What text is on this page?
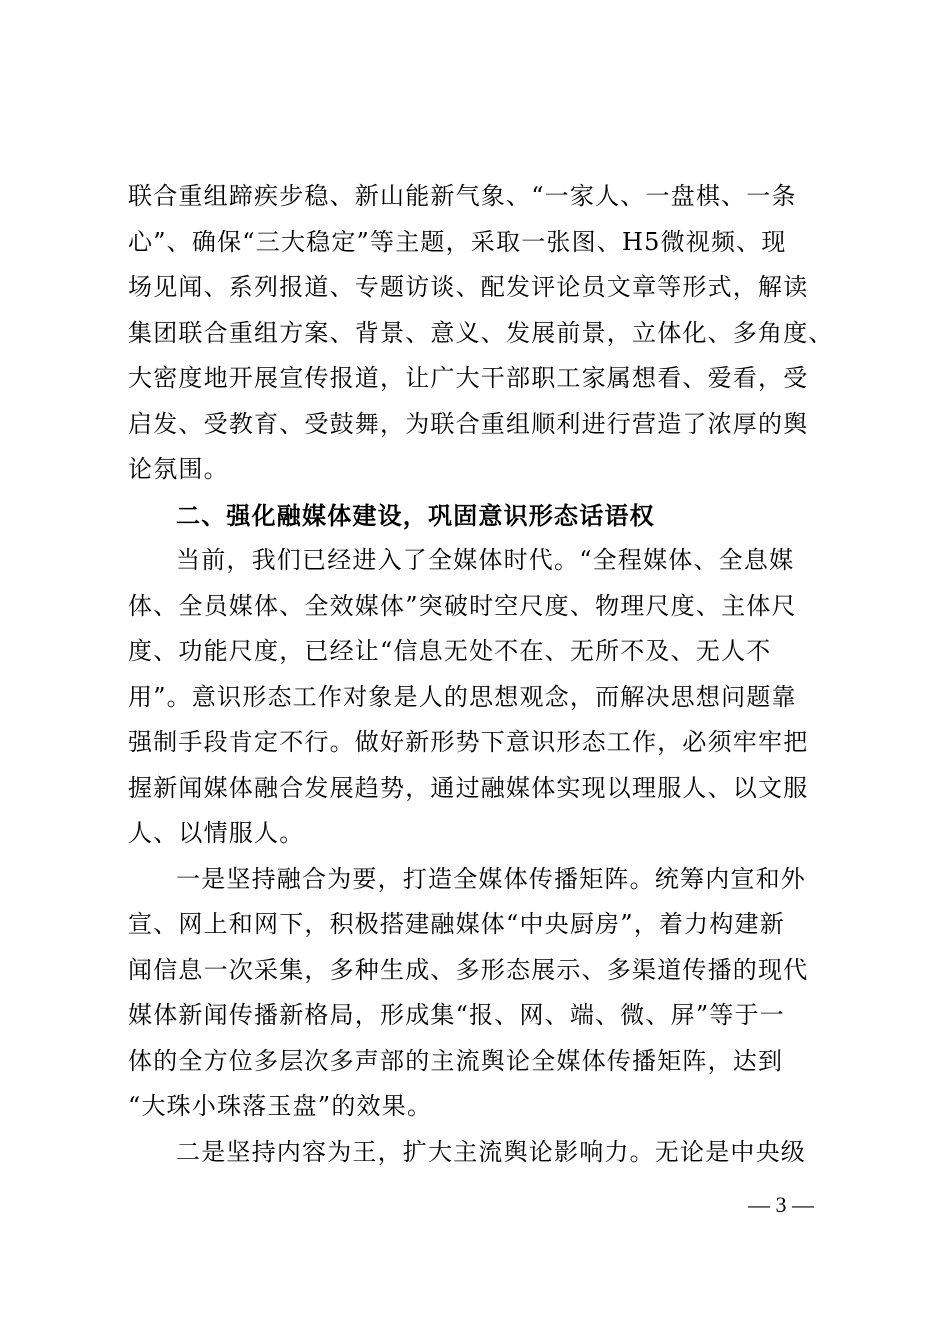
联合重组蹄疾步稳、新山能新气象、“一家人、一盘棋、一条
心”、确保“三大稳定”等主题，采取一张图、H5微视频、现
场见闻、系列报道、专题访谈、配发评论员文章等形式，解读
集团联合重组方案、背景、意义、发展前景，立体化、多角度、
大密度地开展宣传报道，让广大干部职工家属想看、爱看，受
启发、受教育、受鼓舞，为联合重组顺利进行营造了浓厚的舆
论氛围。
二、强化融媒体建设，巩固意识形态话语权
当前，我们已经进入了全媒体时代。“全程媒体、全息媒
体、全员媒体、全效媒体”突破时空尺度、物理尺度、主体尺
度、功能尺度，已经让“信息无处不在、无所不及、无人不
用”。意识形态工作对象是人的思想观念，而解决思想问题靠
强制手段肯定不行。做好新形势下意识形态工作，必须牢牢把
握新闻媒体融合发展趋势，通过融媒体实现以理服人、以文服
人、以情服人。
一是坚持融合为要，打造全媒体传播矩阵。统筹内宣和外
宣、网上和网下，积极搭建融媒体“中央厨房”，着力构建新
闻信息一次采集，多种生成、多形态展示、多渠道传播的现代
媒体新闻传播新格局，形成集“报、网、端、微、屏”等于一
体的全方位多层次多声部的主流舆论全媒体传播矩阵，达到
“大珠小珠落玉盘”的效果。
二是坚持内容为王，扩大主流舆论影响力。无论是中央级
— 3 —
